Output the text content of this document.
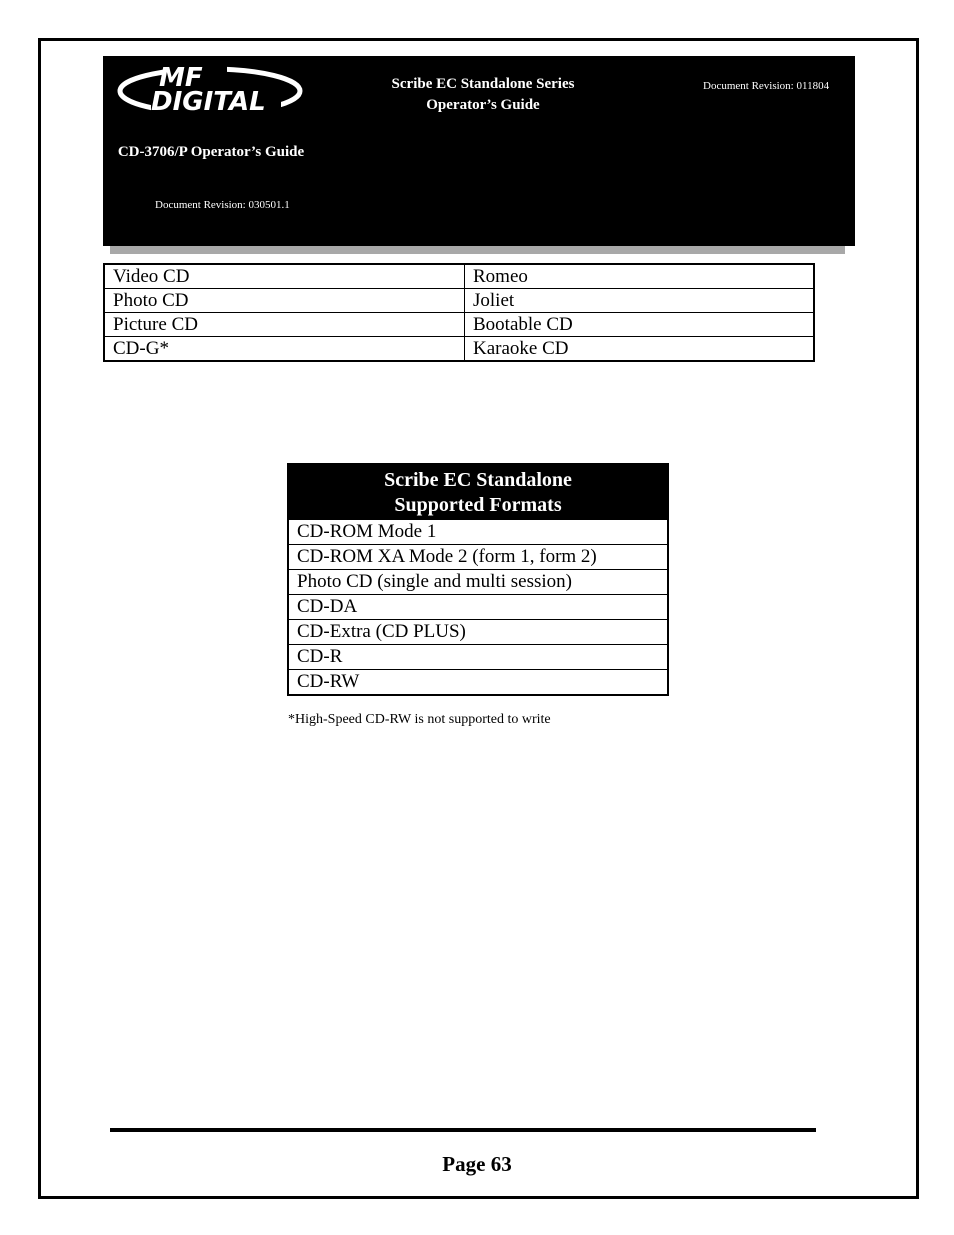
MF
DIGITAL
CD-3706/P Operator’s Guide
Document Revision: 030501.1
Scribe EC Standalone Series
Operator’s Guide
Document Revision: 011804
Video CD	Romeo
Photo CD	Joliet
Picture CD	Bootable CD
CD-G*	Karaoke CD
Scribe EC Standalone
Supported Formats

CD-ROM Mode 1
CD-ROM XA Mode 2 (form 1, form 2)
Photo CD (single and multi session)
CD-DA
CD-Extra (CD PLUS)
CD-R
CD-RW
*High-Speed CD-RW is not supported to write
Page 63
